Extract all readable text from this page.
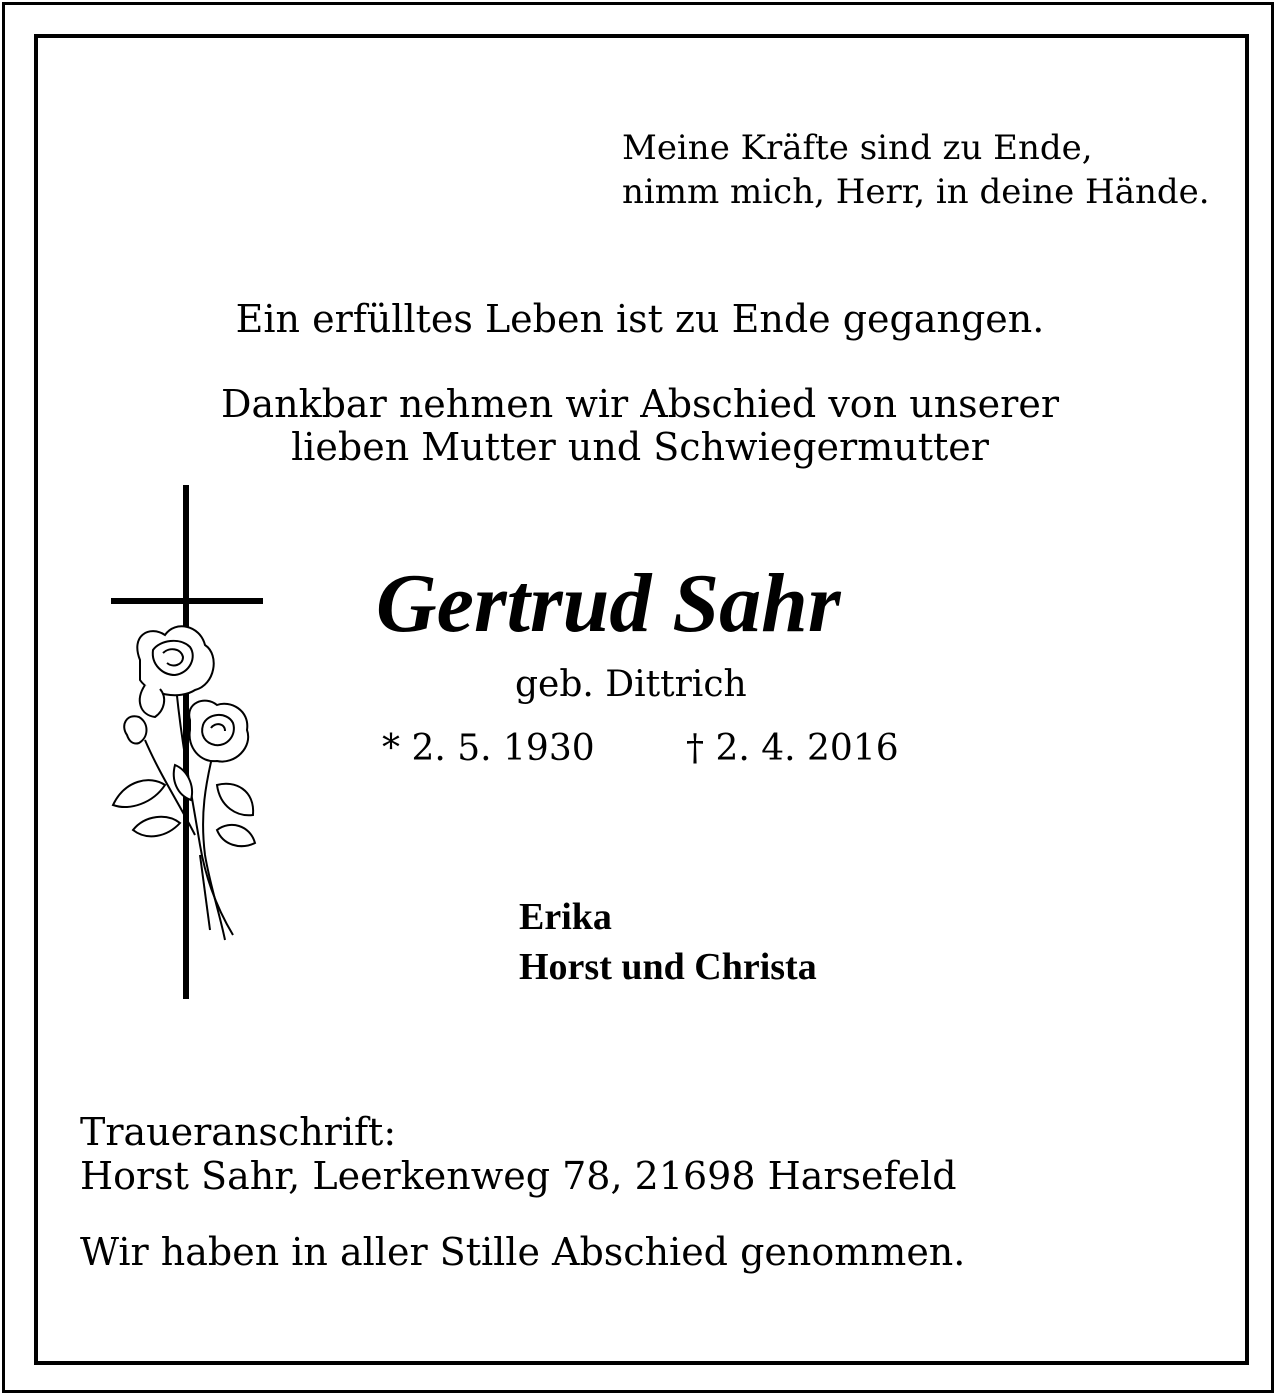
Meine Kräfte sind zu Ende,
nimm mich, Herr, in deine Hände.
Ein erfülltes Leben ist zu Ende gegangen.
Dankbar nehmen wir Abschied von unserer
lieben Mutter und Schwiegermutter
Gertrud Sahr
geb. Dittrich
* 2. 5. 1930	† 2. 4. 2016
Erika
Horst und Christa
Traueranschrift:
Horst Sahr, Leerkenweg 78, 21698 Harsefeld
Wir haben in aller Stille Abschied genommen.
